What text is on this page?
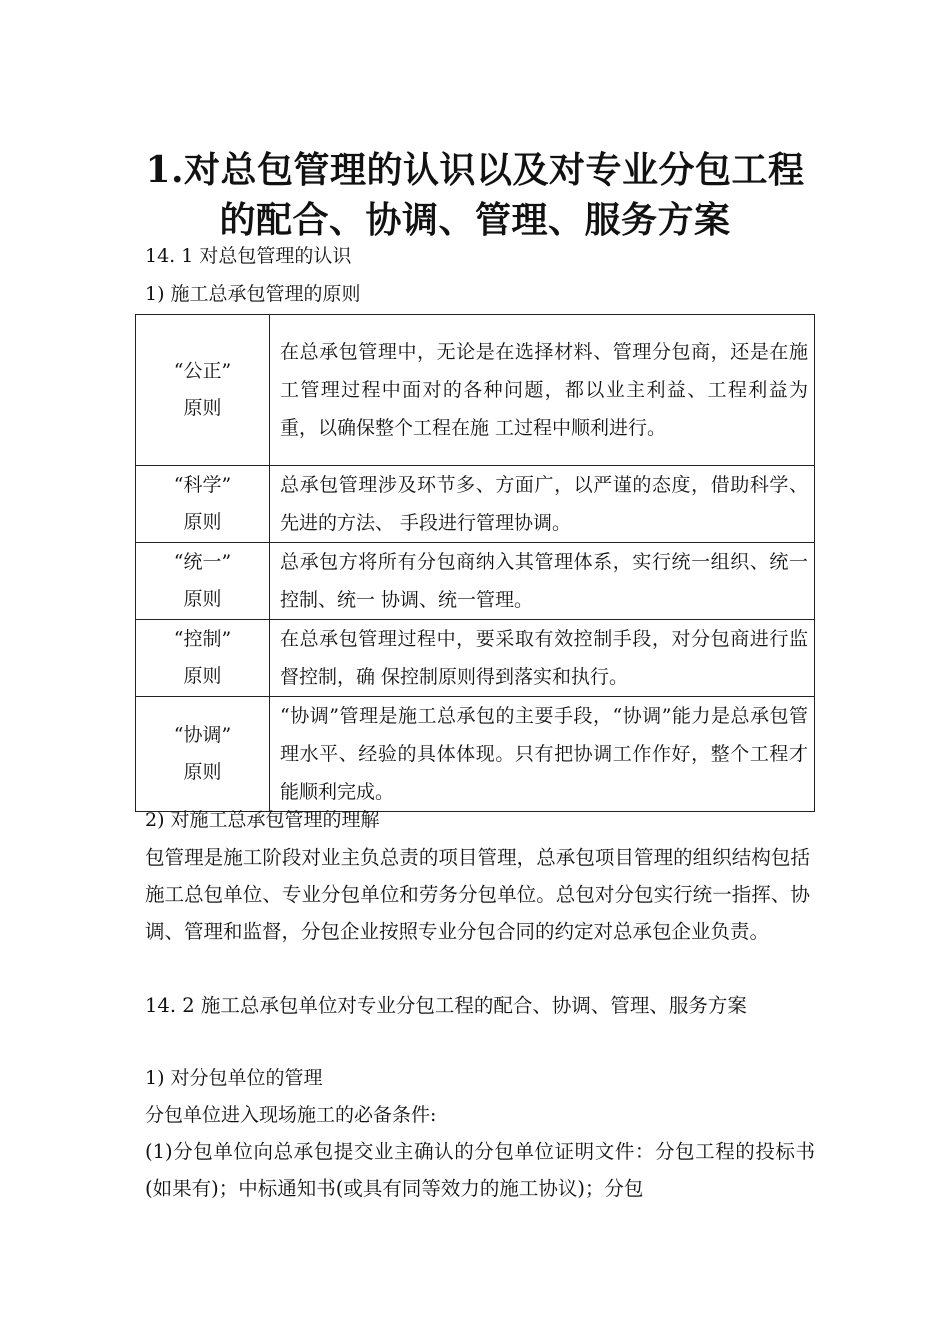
1.对总包管理的认识以及对专业分包工程
的配合、协调、管理、服务方案
14. 1 对总包管理的认识
1) 施工总承包管理的原则
“公正”
原则	在总承包管理中，无论是在选择材料、管理分包商，还是在施工管理过程中面对的各种问题，都以业主利益、工程利益为重，以确保整个工程在施 工过程中顺利进行。

“科学”
原则	总承包管理涉及环节多、方面广，以严谨的态度，借助科学、先进的方法、 手段进行管理协调。

“统一”
原则	总承包方将所有分包商纳入其管理体系，实行统一组织、统一控制、统一 协调、统一管理。

“控制”
原则	在总承包管理过程中，要采取有效控制手段，对分包商进行监督控制，确 保控制原则得到落实和执行。

“协调”
原则	“协调”管理是施工总承包的主要手段，“协调”能力是总承包管理水平、经验的具体体现。只有把协调工作作好，整个工程才能顺利完成。
2) 对施工总承包管理的理解
包管理是施工阶段对业主负总责的项目管理，总承包项目管理的组织结构包括施工总包单位、专业分包单位和劳务分包单位。总包对分包实行统一指挥、协调、管理和监督，分包企业按照专业分包合同的约定对总承包企业负责。
14. 2 施工总承包单位对专业分包工程的配合、协调、管理、服务方案
1) 对分包单位的管理
分包单位进入现场施工的必备条件:
(1)分包单位向总承包提交业主确认的分包单位证明文件：分包工程的投标书(如果有)；中标通知书(或具有同等效力的施工协议)；分包
